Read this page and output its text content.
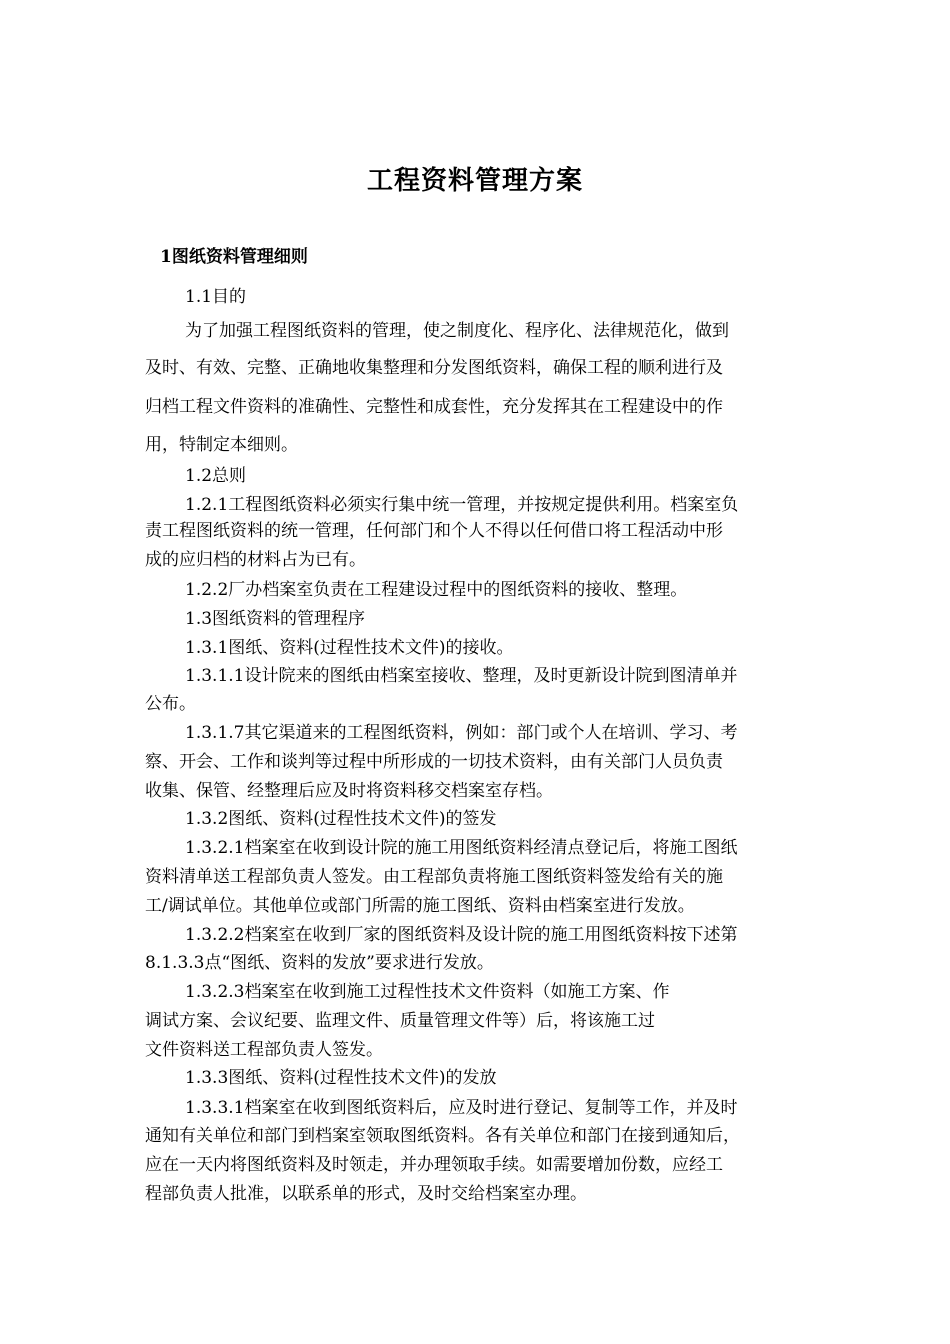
工程资料管理方案
1图纸资料管理细则
1.1目的
为了加强工程图纸资料的管理，使之制度化、程序化、法律规范化，做到
及时、有效、完整、正确地收集整理和分发图纸资料，确保工程的顺利进行及
归档工程文件资料的准确性、完整性和成套性，充分发挥其在工程建设中的作
用，特制定本细则。
1.2总则
1.2.1工程图纸资料必须实行集中统一管理，并按规定提供利用。档案室负
责工程图纸资料的统一管理，任何部门和个人不得以任何借口将工程活动中形
成的应归档的材料占为已有。
1.2.2厂办档案室负责在工程建设过程中的图纸资料的接收、整理。
1.3图纸资料的管理程序
1.3.1图纸、资料(过程性技术文件)的接收。
1.3.1.1设计院来的图纸由档案室接收、整理，及时更新设计院到图清单并
公布。
1.3.1.7其它渠道来的工程图纸资料，例如：部门或个人在培训、学习、考
察、开会、工作和谈判等过程中所形成的一切技术资料，由有关部门人员负责
收集、保管、经整理后应及时将资料移交档案室存档。
1.3.2图纸、资料(过程性技术文件)的签发
1.3.2.1档案室在收到设计院的施工用图纸资料经清点登记后，将施工图纸
资料清单送工程部负责人签发。由工程部负责将施工图纸资料签发给有关的施
工/调试单位。其他单位或部门所需的施工图纸、资料由档案室进行发放。
1.3.2.2档案室在收到厂家的图纸资料及设计院的施工用图纸资料按下述第
8.1.3.3点“图纸、资料的发放”要求进行发放。
1.3.2.3档案室在收到施工过程性技术文件资料（如施工方案、作
调试方案、会议纪要、监理文件、质量管理文件等）后，将该施工过
文件资料送工程部负责人签发。
1.3.3图纸、资料(过程性技术文件)的发放
1.3.3.1档案室在收到图纸资料后，应及时进行登记、复制等工作，并及时
通知有关单位和部门到档案室领取图纸资料。各有关单位和部门在接到通知后，
应在一天内将图纸资料及时领走，并办理领取手续。如需要增加份数，应经工
程部负责人批准，以联系单的形式，及时交给档案室办理。
